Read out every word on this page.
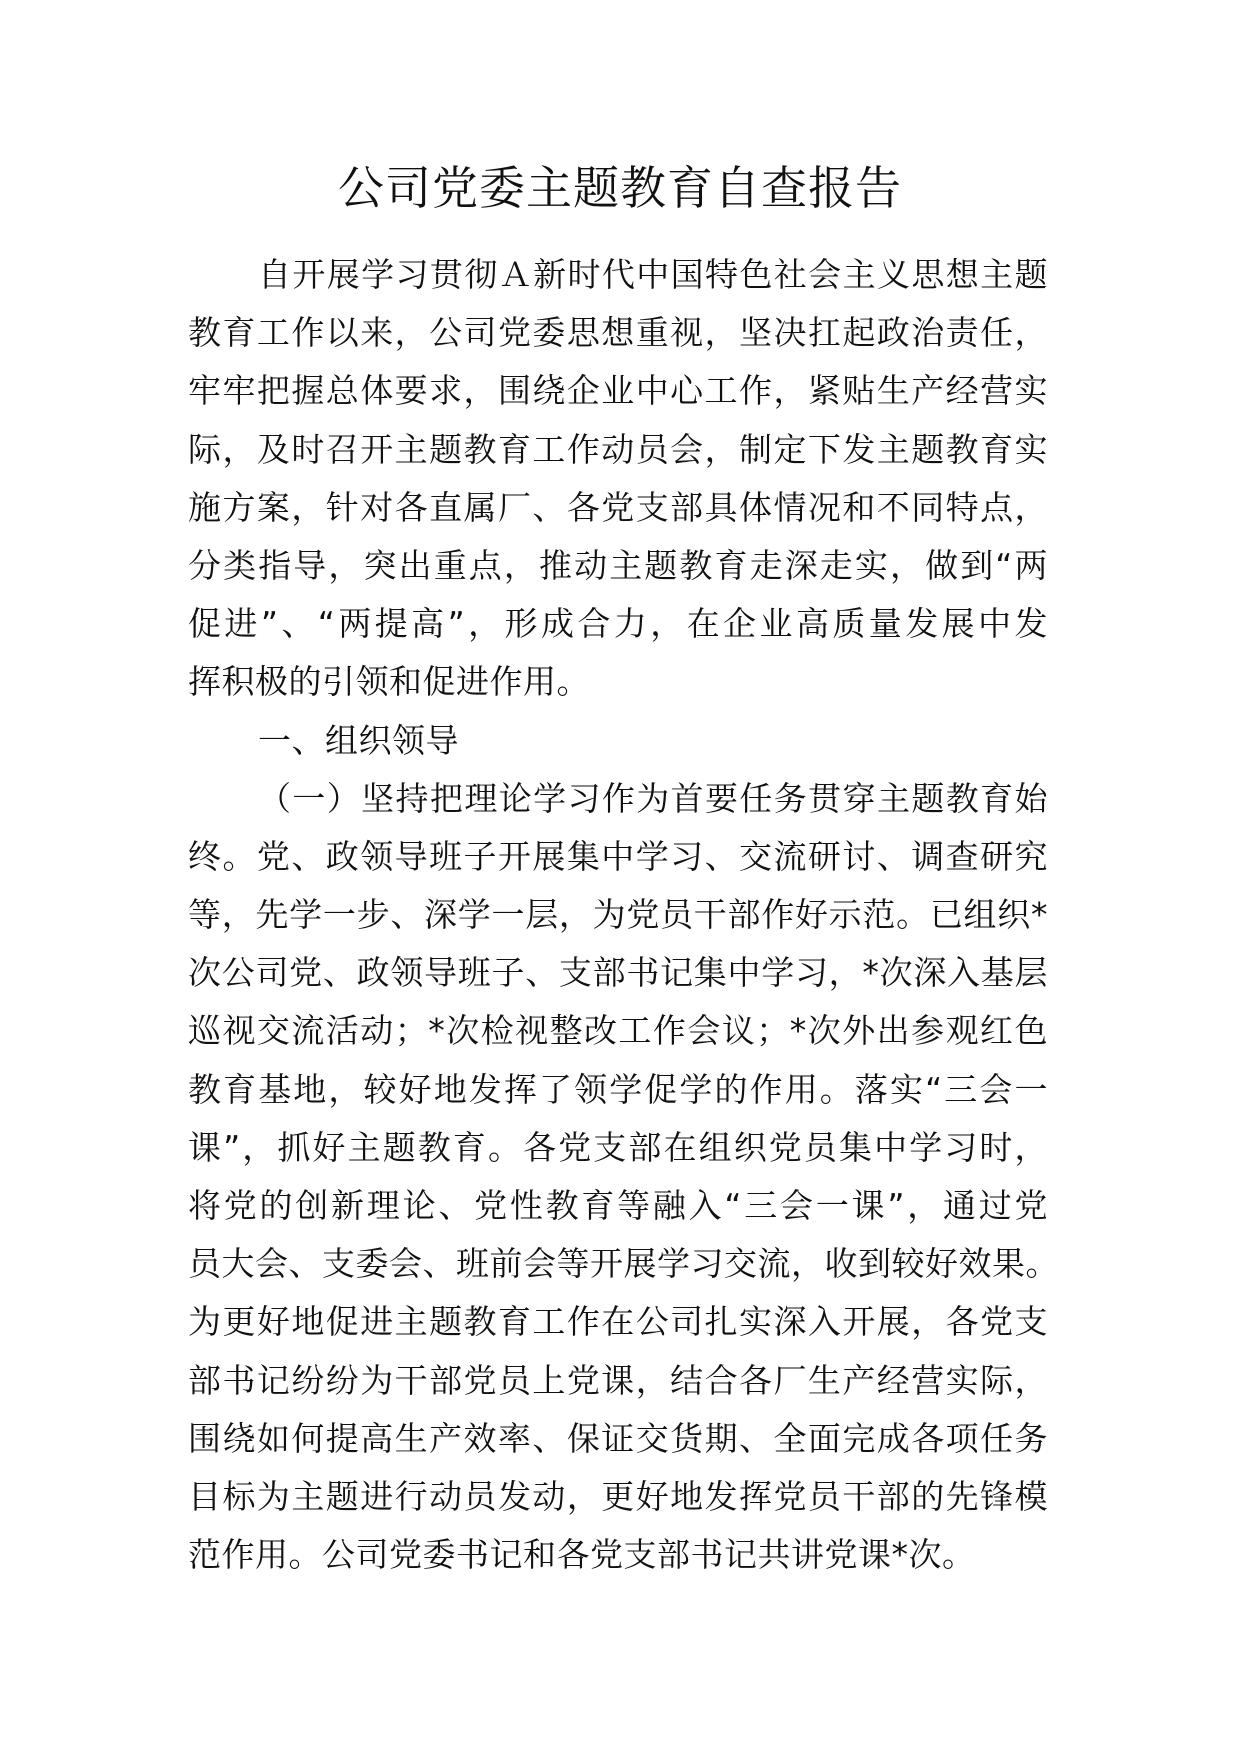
公司党委主题教育自查报告
自开展学习贯彻Ａ新时代中国特色社会主义思想主题
教育工作以来，公司党委思想重视，坚决扛起政治责任，
牢牢把握总体要求，围绕企业中心工作，紧贴生产经营实
际，及时召开主题教育工作动员会，制定下发主题教育实
施方案，针对各直属厂、各党支部具体情况和不同特点，
分类指导，突出重点，推动主题教育走深走实，做到“两
促进”、“两提高”，形成合力，在企业高质量发展中发
挥积极的引领和促进作用。
一、组织领导
（一）坚持把理论学习作为首要任务贯穿主题教育始
终。党、政领导班子开展集中学习、交流研讨、调查研究
等，先学一步、深学一层，为党员干部作好示范。已组织*
次公司党、政领导班子、支部书记集中学习，*次深入基层
巡视交流活动；*次检视整改工作会议；*次外出参观红色
教育基地，较好地发挥了领学促学的作用。落实“三会一
课”，抓好主题教育。各党支部在组织党员集中学习时，
将党的创新理论、党性教育等融入“三会一课”，通过党
员大会、支委会、班前会等开展学习交流，收到较好效果。
为更好地促进主题教育工作在公司扎实深入开展，各党支
部书记纷纷为干部党员上党课，结合各厂生产经营实际，
围绕如何提高生产效率、保证交货期、全面完成各项任务
目标为主题进行动员发动，更好地发挥党员干部的先锋模
范作用。公司党委书记和各党支部书记共讲党课*次。
